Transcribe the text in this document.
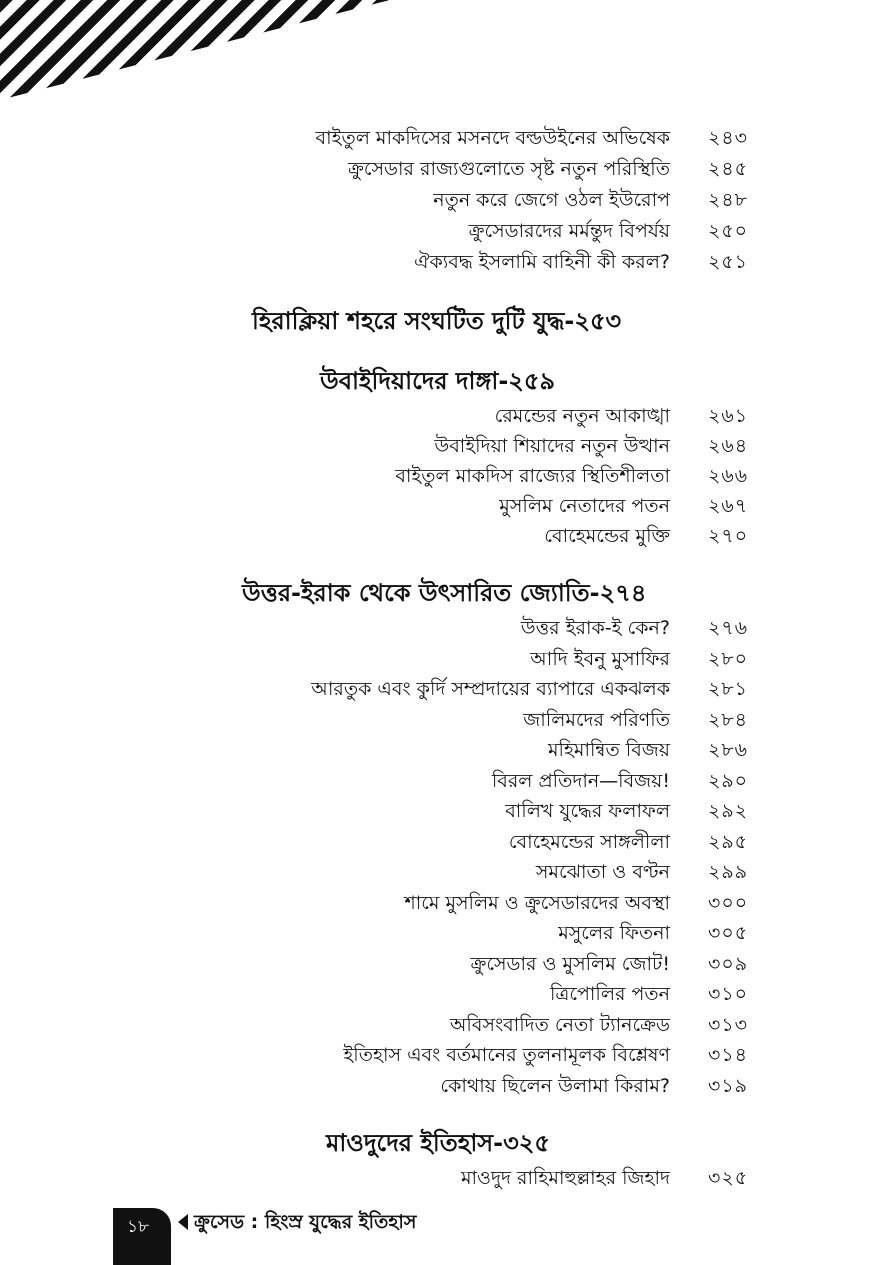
বাইতুল মাকদিসের মসনদে বল্ডউইনের অভিষেক ২৪৩
ক্রুসেডার রাজ্যগুলোতে সৃষ্ট নতুন পরিস্থিতি ২৪৫
নতুন করে জেগে ওঠল ইউরোপ ২৪৮
ক্রুসেডারদের মর্মন্তুদ বিপর্যয় ২৫০
ঐক্যবদ্ধ ইসলামি বাহিনী কী করল? ২৫১
হিরাক্লিয়া শহরে সংঘটিত দুটি যুদ্ধ-২৫৩
উবাইদিয়াদের দাঙ্গা-২৫৯
রেমন্ডের নতুন আকাঙ্খা ২৬১
উবাইদিয়া শিয়াদের নতুন উত্থান ২৬৪
বাইতুল মাকদিস রাজ্যের স্থিতিশীলতা ২৬৬
মুসলিম নেতাদের পতন ২৬৭
বোহেমন্ডের মুক্তি ২৭০
উত্তর-ইরাক থেকে উৎসারিত জ্যোতি-২৭৪
উত্তর ইরাক-ই কেন? ২৭৬
আদি ইবনু মুসাফির ২৮০
আরতুক এবং কুর্দি সম্প্রদায়ের ব্যাপারে একঝলক ২৮১
জালিমদের পরিণতি ২৮৪
মহিমান্বিত বিজয় ২৮৬
বিরল প্রতিদান—বিজয়! ২৯০
বালিখ যুদ্ধের ফলাফল ২৯২
বোহেমন্ডের সাঙ্গলীলা ২৯৫
সমঝোতা ও বণ্টন ২৯৯
শামে মুসলিম ও ক্রুসেডারদের অবস্থা ৩০০
মসুলের ফিতনা ৩০৫
ক্রুসেডার ও মুসলিম জোট! ৩০৯
ত্রিপোলির পতন ৩১০
অবিসংবাদিত নেতা ট্যানক্রেড ৩১৩
ইতিহাস এবং বর্তমানের তুলনামূলক বিশ্লেষণ ৩১৪
কোথায় ছিলেন উলামা কিরাম? ৩১৯
মাওদুদের ইতিহাস-৩২৫
মাওদুদ রাহিমাহুল্লাহর জিহাদ ৩২৫
১৮	ক্রুসেড : হিংস্র যুদ্ধের ইতিহাস
